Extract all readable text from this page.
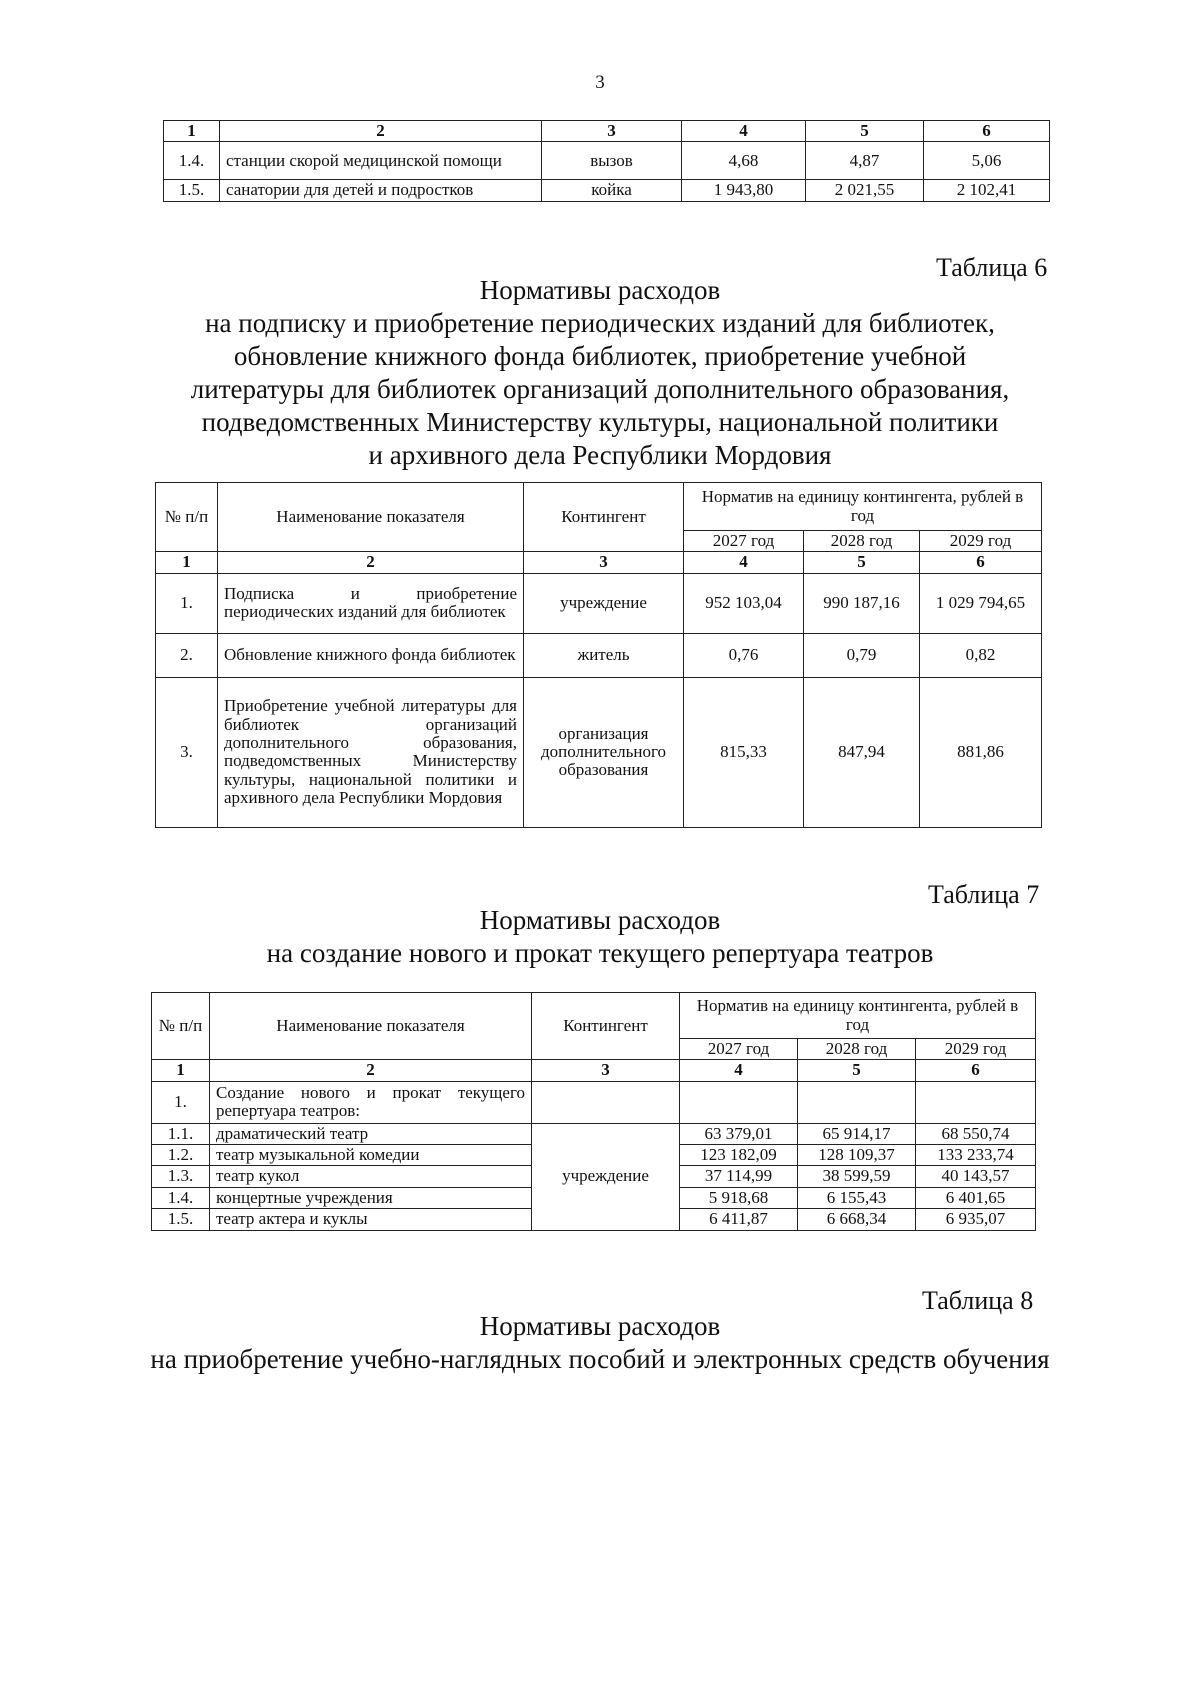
3
1	2	3	4	5	6
1.4.	станции скорой медицинской помощи	вызов	4,68	4,87	5,06
1.5.	санатории для детей и подростков	койка	1 943,80	2 021,55	2 102,41
Таблица 6
Нормативы расходов
на подписку и приобретение периодических изданий для библиотек,
обновление книжного фонда библиотек, приобретение учебной
литературы для библиотек организаций дополнительного образования,
подведомственных Министерству культуры, национальной политики
и архивного дела Республики Мордовия
№ п/п	Наименование показателя	Контингент	Норматив на единицу контингента, рублей в год		
			2027 год	2028 год	2029 год
1	2	3	4	5	6
1.	Подписка и приобретение периодических изданий для библиотек	учреждение	952 103,04	990 187,16	1 029 794,65
2.	Обновление книжного фонда библиотек	житель	0,76	0,79	0,82
3.	Приобретение учебной литературы для библиотек организаций дополнительного образования, подведомственных Министерству культуры, национальной политики и архивного дела Республики Мордовия	организация дополнительного образования	815,33	847,94	881,86
Таблица 7
Нормативы расходов
на создание нового и прокат текущего репертуара театров
№ п/п	Наименование показателя	Контингент	Норматив на единицу контингента, рублей в год		
			2027 год	2028 год	2029 год
1	2	3	4	5	6
1.	Создание нового и прокат текущего репертуара театров:				
1.1.	драматический театр	учреждение	63 379,01	65 914,17	68 550,74
1.2.	театр музыкальной комедии		123 182,09	128 109,37	133 233,74
1.3.	театр кукол		37 114,99	38 599,59	40 143,57
1.4.	концертные учреждения		5 918,68	6 155,43	6 401,65
1.5.	театр актера и куклы		6 411,87	6 668,34	6 935,07
Таблица 8
Нормативы расходов
на приобретение учебно-наглядных пособий и электронных средств обучения
